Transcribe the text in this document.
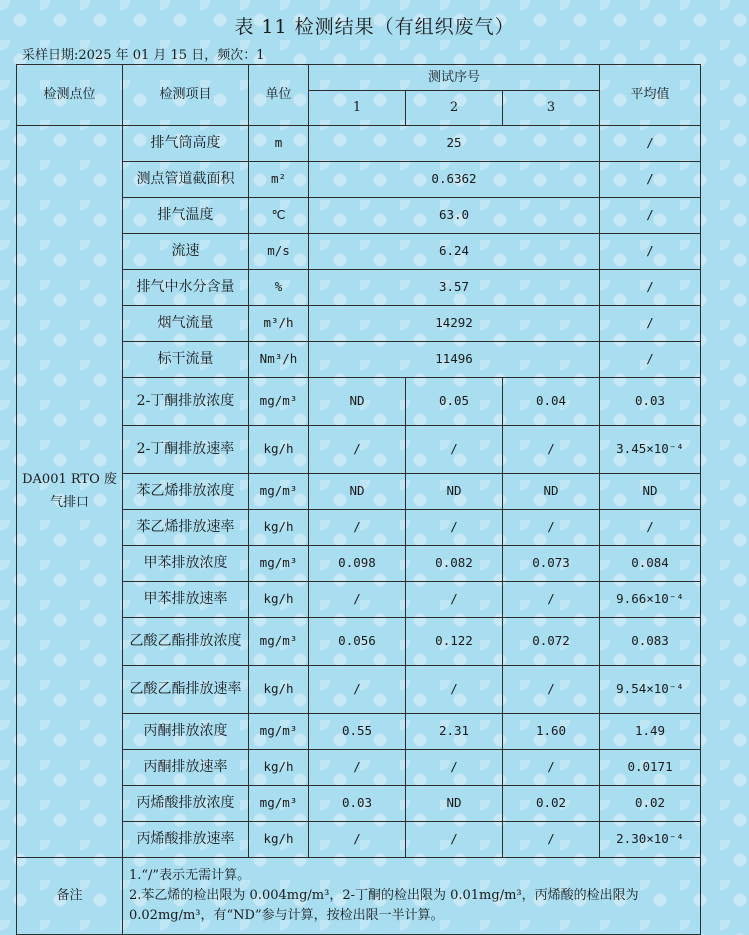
表 11 检测结果（有组织废气）
采样日期:2025 年 01 月 15 日，频次：1
检测点位	检测项目	单位	测试序号			平均值
			1	2	3	
DA001 RTO 废气排口	排气筒高度	m	25			/
	测点管道截面积	m²	0.6362			/
	排气温度	℃	63.0			/
	流速	m/s	6.24			/
	排气中水分含量	%	3.57			/
	烟气流量	m³/h	14292			/
	标干流量	Nm³/h	11496			/
	2-丁酮排放浓度	mg/m³	ND	0.05	0.04	0.03
	2-丁酮排放速率	kg/h	/	/	/	3.45×10⁻⁴
	苯乙烯排放浓度	mg/m³	ND	ND	ND	ND
	苯乙烯排放速率	kg/h	/	/	/	/
	甲苯排放浓度	mg/m³	0.098	0.082	0.073	0.084
	甲苯排放速率	kg/h	/	/	/	9.66×10⁻⁴
	乙酸乙酯排放浓度	mg/m³	0.056	0.122	0.072	0.083
	乙酸乙酯排放速率	kg/h	/	/	/	9.54×10⁻⁴
	丙酮排放浓度	mg/m³	0.55	2.31	1.60	1.49
	丙酮排放速率	kg/h	/	/	/	0.0171
	丙烯酸排放浓度	mg/m³	0.03	ND	0.02	0.02
	丙烯酸排放速率	kg/h	/	/	/	2.30×10⁻⁴
备注	1.“/”表示无需计算。
2.苯乙烯的检出限为 0.004mg/m³，2-丁酮的检出限为 0.01mg/m³，丙烯酸的检出限为 0.02mg/m³，有“ND”参与计算，按检出限一半计算。					
